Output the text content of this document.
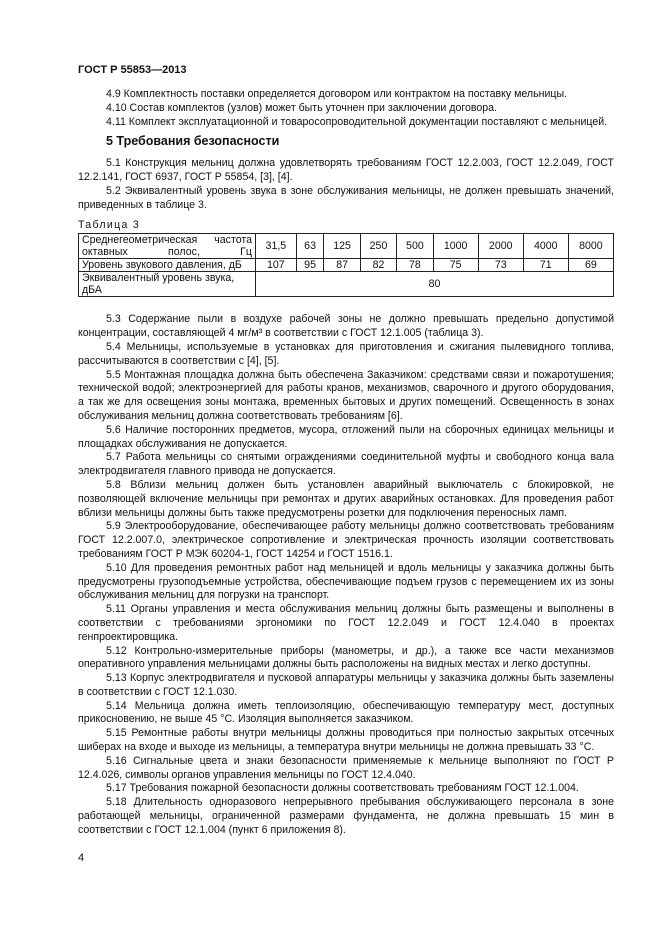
ГОСТ Р 55853—2013

4.9 Комплектность поставки определяется договором или контрактом на поставку мельницы.

4.10 Состав комплектов (узлов) может быть уточнен при заключении договора.

4.11 Комплект эксплуатационной и товаросопроводительной документации поставляют с мельницей.

5 Требования безопасности

5.1 Конструкция мельниц должна удовлетворять требованиям ГОСТ 12.2.003, ГОСТ 12.2.049, ГОСТ 12.2.141, ГОСТ 6937, ГОСТ Р 55854, [3], [4].

5.2 Эквивалентный уровень звука в зоне обслуживания мельницы, не должен превышать значений, приведенных в таблице 3.

Таблица 3
Среднегеометрическая частота октавных полос, Гц	31,5	63	125	250	500	1000	2000	4000	8000
Уровень звукового давления, дБ	107	95	87	82	78	75	73	71	69
Эквивалентный уровень звука, дБА	80								

5.3 Содержание пыли в воздухе рабочей зоны не должно превышать предельно допустимой концентрации, составляющей 4 мг/м³ в соответствии с ГОСТ 12.1.005 (таблица 3).

5.4 Мельницы, используемые в установках для приготовления и сжигания пылевидного топлива, рассчитываются в соответствии с [4], [5].

5.5 Монтажная площадка должна быть обеспечена Заказчиком: средствами связи и пожаротушения; технической водой; электроэнергией для работы кранов, механизмов, сварочного и другого оборудования, а так же для освещения зоны монтажа, временных бытовых и других помещений. Освещенность в зонах обслуживания мельниц должна соответствовать требованиям [6].

5.6 Наличие посторонних предметов, мусора, отложений пыли на сборочных единицах мельницы и площадках обслуживания не допускается.

5.7 Работа мельницы со снятыми ограждениями соединительной муфты и свободного конца вала электродвигателя главного привода не допускается.

5.8 Вблизи мельниц должен быть установлен аварийный выключатель с блокировкой, не позволяющей включение мельницы при ремонтах и других аварийных остановках. Для проведения работ вблизи мельницы должны быть также предусмотрены розетки для подключения переносных ламп.

5.9 Электрооборудование, обеспечивающее работу мельницы должно соответствовать требованиям ГОСТ 12.2.007.0, электрическое сопротивление и электрическая прочность изоляции соответствовать требованиям ГОСТ Р МЭК 60204-1, ГОСТ 14254 и ГОСТ 1516.1.

5.10 Для проведения ремонтных работ над мельницей и вдоль мельницы у заказчика должны быть предусмотрены грузоподъемные устройства, обеспечивающие подъем грузов с перемещением их из зоны обслуживания мельниц для погрузки на транспорт.

5.11 Органы управления и места обслуживания мельниц должны быть размещены и выполнены в соответствии с требованиями эргономики по ГОСТ 12.2.049 и ГОСТ 12.4.040 в проектах генпроектировщика.

5.12 Контрольно-измерительные приборы (манометры, и др.), а также все части механизмов оперативного управления мельницами должны быть расположены на видных местах и легко доступны.

5.13 Корпус электродвигателя и пусковой аппаратуры мельницы у заказчика должны быть заземлены в соответствии с ГОСТ 12.1.030.

5.14 Мельница должна иметь теплоизоляцию, обеспечивающую температуру мест, доступных прикосновению, не выше 45 °С. Изоляция выполняется заказчиком.

5.15 Ремонтные работы внутри мельницы должны проводиться при полностью закрытых отсечных шиберах на входе и выходе из мельницы, а температура внутри мельницы не должна превышать 33 °С.

5.16 Сигнальные цвета и знаки безопасности применяемые к мельнице выполняют по ГОСТ Р 12.4.026, символы органов управления мельницы по ГОСТ 12.4.040.

5.17 Требования пожарной безопасности должны соответствовать требованиям ГОСТ 12.1.004.

5.18 Длительность одноразового непрерывного пребывания обслуживающего персонала в зоне работающей мельницы, ограниченной размерами фундамента, не должна превышать 15 мин в соответствии с ГОСТ 12.1.004 (пункт 6 приложения 8).

4
